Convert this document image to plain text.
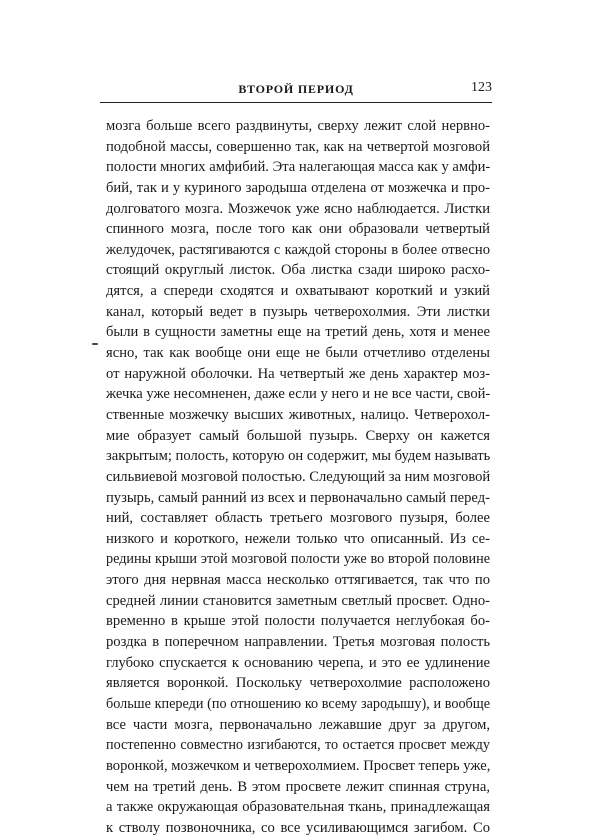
ВТОРОЙ ПЕРИОД	123
мозга больше всего раздвинуты, сверху лежит слой нервно-
подобной массы, совершенно так, как на четвертой мозговой
полости многих амфибий. Эта налегающая масса как у амфи-
бий, так и у куриного зародыша отделена от мозжечка и про-
долговатого мозга. Мозжечок уже ясно наблюдается. Листки
спинного мозга, после того как они образовали четвертый
желудочек, растягиваются с каждой стороны в более отвесно
стоящий округлый листок. Оба листка сзади широко расхо-
дятся, а спереди сходятся и охватывают короткий и узкий
канал, который ведет в пузырь четверохолмия. Эти листки
были в сущности заметны еще на третий день, хотя и менее
ясно, так как вообще они еще не были отчетливо отделены
от наружной оболочки. На четвертый же день характер моз-
жечка уже несомненен, даже если у него и не все части, свой-
ственные мозжечку высших животных, налицо. Четверохол-
мие образует самый большой пузырь. Сверху он кажется
закрытым; полость, которую он содержит, мы будем называть
сильвиевой мозговой полостью. Следующий за ним мозговой
пузырь, самый ранний из всех и первоначально самый перед-
ний, составляет область третьего мозгового пузыря, более
низкого и короткого, нежели только что описанный. Из се-
редины крыши этой мозговой полости уже во второй половине
этого дня нервная масса несколько оттягивается, так что по
средней линии становится заметным светлый просвет. Одно-
временно в крыше этой полости получается неглубокая бо-
роздка в поперечном направлении. Третья мозговая полость
глубоко спускается к основанию черепа, и это ее удлинение
является воронкой. Поскольку четверохолмие расположено
больше кпереди (по отношению ко всему зародышу), и вообще
все части мозга, первоначально лежавшие друг за другом,
постепенно совместно изгибаются, то остается просвет между
воронкой, мозжечком и четверохолмием. Просвет теперь уже,
чем на третий день. В этом просвете лежит спинная струна,
а также окружающая образовательная ткань, принадлежащая
к стволу позвоночника, со все усиливающимся загибом. Со
